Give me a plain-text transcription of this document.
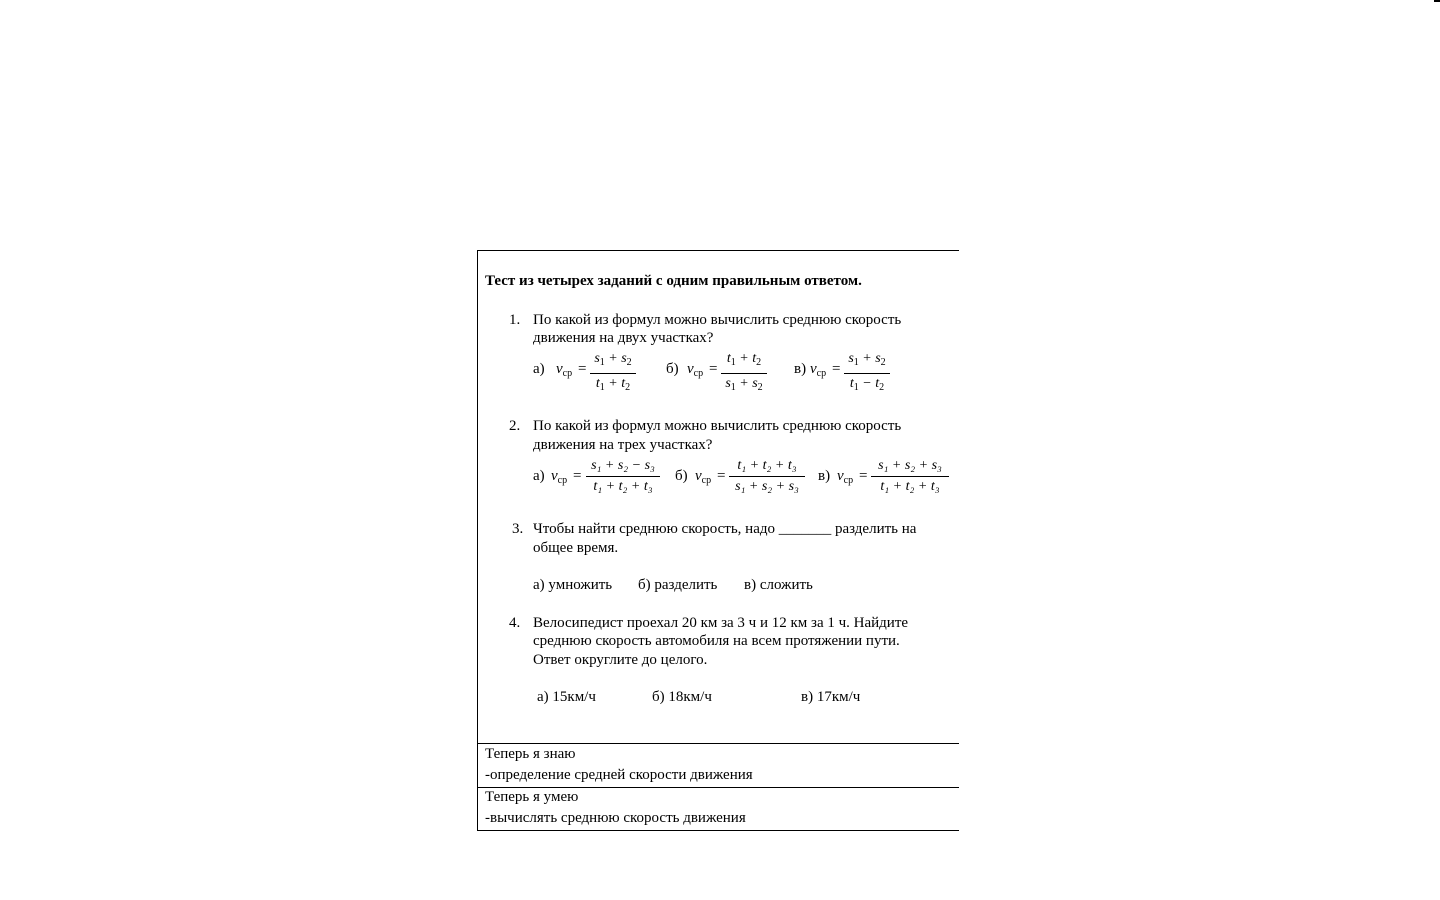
Тест из четырех заданий с одним правильным ответом.
1. По какой из формул можно вычислить среднюю скорость
движения на двух участках?
а) $v_{ср}$ =
$s_1 + s_2$
$t_1 + t_2$
б) $v_{ср}$ =
$t_1 + t_2$
$s_1 + s_2$
в) $v_{ср}$ =
$s_1 + s_2$
$t_1 - t_2$
2. По какой из формул можно вычислить среднюю скорость
движения на трех участках?
а) $v_{ср}$ =
s₁ + s₂ − s₃
t₁ + t₂ + t₃
б) $v_{ср}$ =
t₁ + t₂ + t₃
s₁ + s₂ + s₃
в) $v_{ср}$ =
s₁ + s₂ + s₃
t₁ + t₂ + t₃
3. Чтобы найти среднюю скорость, надо _______ разделить на
общее время.
а) умножить б) разделить в) сложить
4. Велосипедист проехал 20 км за 3 ч и 12 км за 1 ч. Найдите
среднюю скорость автомобиля на всем протяжении пути.
Ответ округлите до целого.
а) 15км/ч	б) 18км/ч	в) 17км/ч
Теперь я знаю
-определение средней скорости движения
Теперь я умею
-вычислять среднюю скорость движения
